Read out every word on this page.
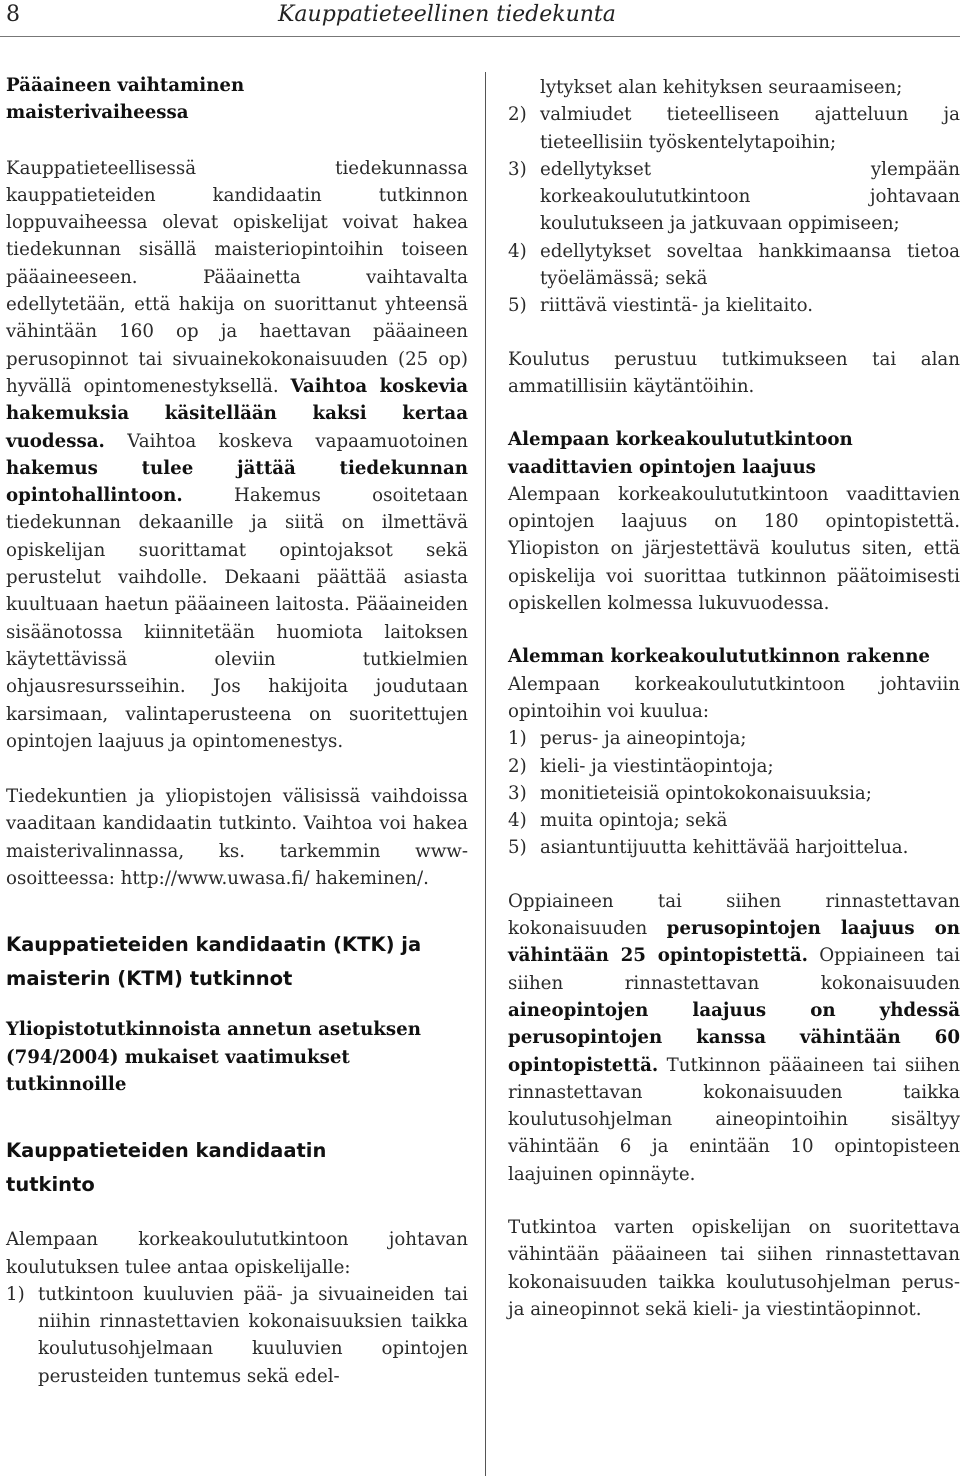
8	Kauppatieteellinen tiedekunta

Pääaineen vaihtaminen maisterivaiheessa

Kauppatieteellisessä tiedekunnassa kauppatieteiden kandidaatin tutkinnon loppuvaiheessa olevat opiskelijat voivat hakea tiedekunnan sisällä maisteriopintoihin toiseen pääaineeseen. Pääainetta vaihtavalta edellytetään, että hakija on suorittanut yhteensä vähintään 160 op ja haettavan pääaineen perusopinnot tai sivuainekokonaisuuden (25 op) hyvällä opintomenestyksellä. Vaihtoa koskevia hakemuksia käsitellään kaksi kertaa vuodessa. Vaihtoa koskeva vapaamuotoinen hakemus tulee jättää tiedekunnan opintohallintoon.	Hakemus osoitetaan tiedekunnan dekaanille ja siitä on ilmettävä opiskelijan suorittamat opintojaksot sekä perustelut vaihdolle. Dekaani päättää asiasta kuultuaan haetun pääaineen laitosta. Pääaineiden sisäänotossa kiinnitetään huomiota laitoksen käytettävissä oleviin tutkielmien ohjausresursseihin. Jos hakijoita joudutaan karsimaan, valintaperusteena on suoritettujen opintojen laajuus ja opintomenestys.

Tiedekuntien ja yliopistojen välisissä vaihdoissa vaaditaan kandidaatin tutkinto. Vaihtoa voi hakea maisterivalinnassa, ks. tarkemmin www-osoitteessa: http://www.uwasa.fi/ hakeminen/.

Kauppatieteiden kandidaatin (KTK) ja maisterin (KTM) tutkinnot

Yliopistotutkinnoista annetun asetuksen (794/2004) mukaiset vaatimukset tutkinnoille

Kauppatieteiden kandidaatin tutkinto

Alempaan korkeakoulututkintoon johtavan koulutuksen tulee antaa opiskelijalle:

1) tutkintoon kuuluvien pää- ja sivuaineiden tai niihin rinnastettavien kokonaisuuksien taikka koulutusohjelmaan kuuluvien opintojen perusteiden tuntemus sekä edel-
lytykset alan kehityksen seuraamiseen;
2) valmiudet tieteelliseen ajatteluun ja tieteellisiin työskentelytapoihin;
3) edellytykset ylempään korkeakoulututkintoon johtavaan koulutukseen ja jatkuvaan oppimiseen;
4) edellytykset soveltaa hankkimaansa tietoa työelämässä; sekä
5) riittävä viestintä- ja kielitaito.

Koulutus perustuu tutkimukseen tai alan ammatillisiin käytäntöihin.

Alempaan korkeakoulututkintoon vaadittavien opintojen laajuus

Alempaan korkeakoulututkintoon vaadittavien opintojen laajuus on 180 opintopistettä. Yliopiston on järjestettävä koulutus siten, että opiskelija voi suorittaa tutkinnon päätoimisesti opiskellen kolmessa lukuvuodessa.

Alemman korkeakoulututkinnon rakenne

Alempaan korkeakoulututkintoon johtaviin opintoihin voi kuulua:

1) perus- ja aineopintoja;
2) kieli- ja viestintäopintoja;
3) monitieteisiä opintokokonaisuuksia;
4) muita opintoja; sekä
5) asiantuntijuutta kehittävää harjoittelua.

Oppiaineen tai siihen rinnastettavan kokonaisuuden perusopintojen laajuus on vähintään 25 opintopistettä. Oppiaineen tai siihen rinnastettavan kokonaisuuden aineopintojen laajuus on yhdessä perusopintojen kanssa vähintään 60 opintopistettä. Tutkinnon pääaineen tai siihen rinnastettavan kokonaisuuden taikka koulutusohjelman aineopintoihin sisältyy vähintään 6 ja enintään 10 opintopisteen laajuinen opinnäyte.

Tutkintoa varten opiskelijan on suoritettava vähintään pääaineen tai siihen rinnastettavan kokonaisuuden taikka koulutusohjelman perus- ja aineopinnot sekä kieli- ja viestintäopinnot.
